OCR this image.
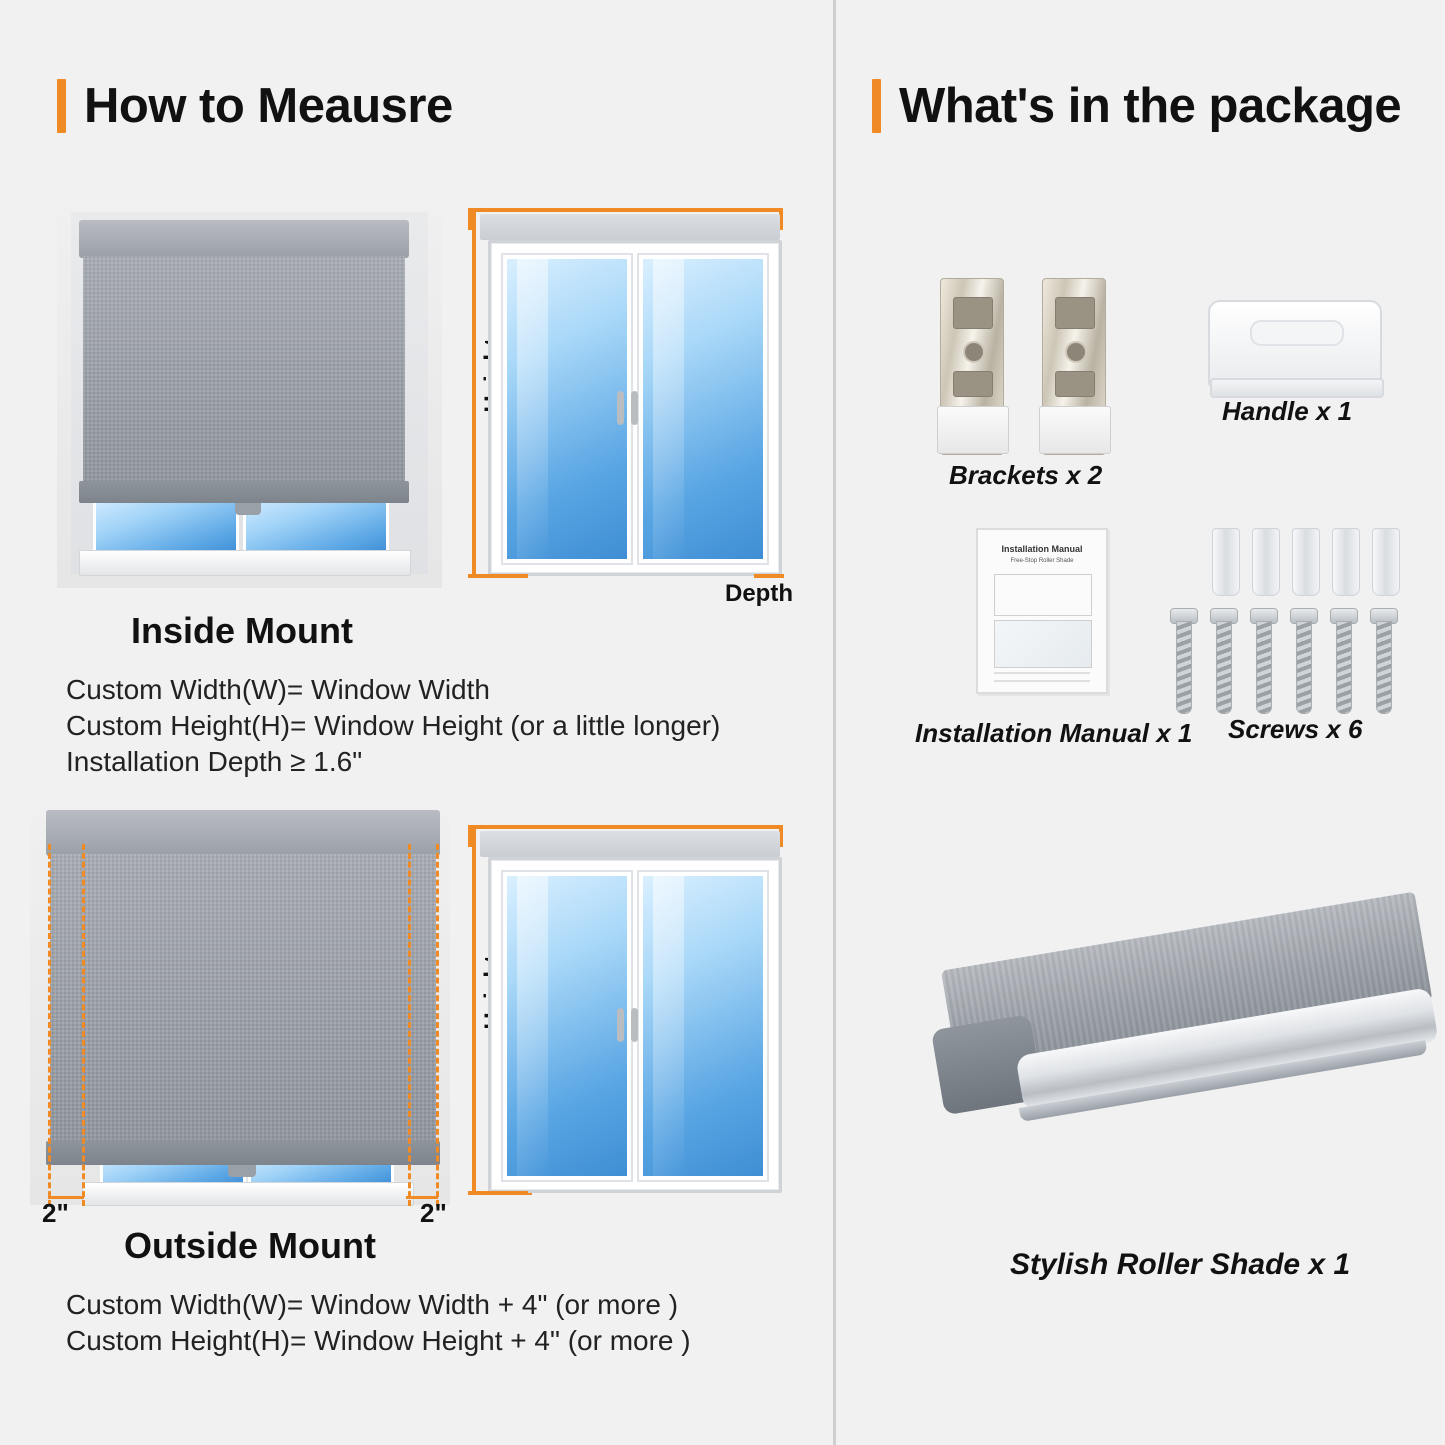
How to Meausre
Depth
Inside Mount
Custom Width(W)= Window Width
Custom Height(H)= Window Height (or a little longer)
Installation Depth ≥ 1.6"
2"	2"
Outside Mount
Custom Width(W)= Window Width + 4" (or more )
Custom Height(H)= Window Height + 4" (or more )
What's in the package
Brackets x 2
Handle x 1
Installation Manual
Free-Stop Roller Shade
Installation Manual x 1 Screws x 6
Stylish Roller Shade x 1
